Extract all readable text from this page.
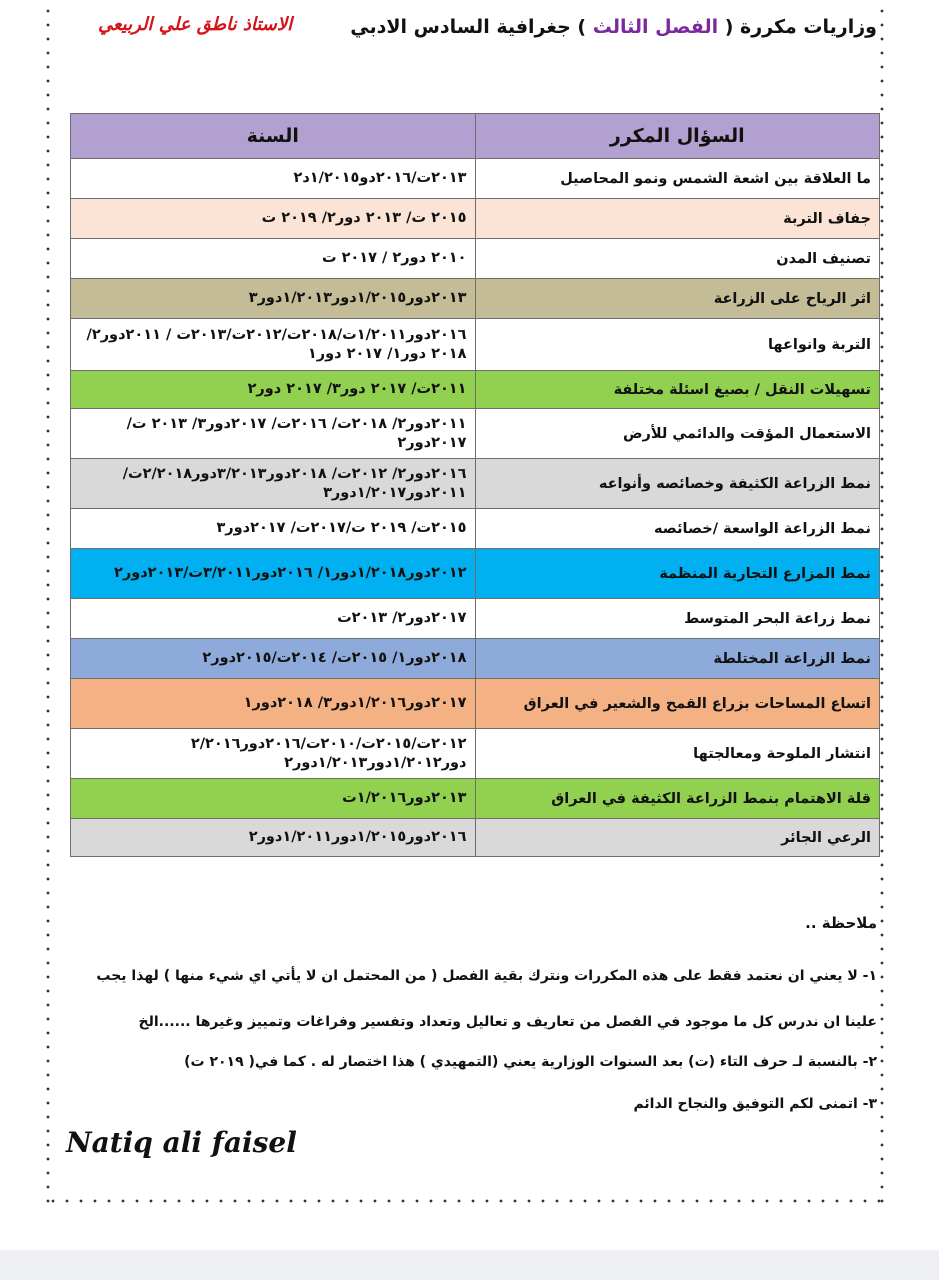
وزاريات مكررة ( الفصل الثالث ) جغرافية السادس الادبي
الاستاذ ناطق علي الربيعي
السؤال المكرر	السنة
ما العلاقة بين اشعة الشمس ونمو المحاصيل	٢٠١٣ت/٢٠١٦دو١/٢٠١٥د٢
جفاف التربة	٢٠١٥ ت/ ٢٠١٣ دور٢/ ٢٠١٩ ت
تصنيف المدن	٢٠١٠ دور٢ / ٢٠١٧ ت
اثر الرياح على الزراعة	٢٠١٣دور١/٢٠١٥دور١/٢٠١٣دور٣
التربة وانواعها	٢٠١٦دور١/٢٠١١ت/٢٠١٨ت/٢٠١٢ت/٢٠١٣ت / ٢٠١١دور٢/ ٢٠١٨ دور١/ ٢٠١٧ دور١
تسهيلات النقل / بصيغ اسئلة مختلفة	٢٠١١ت/ ٢٠١٧ دور٣/ ٢٠١٧ دور٢
الاستعمال المؤقت والدائمي للأرض	٢٠١١دور٢/ ٢٠١٨ت/ ٢٠١٦ت/ ٢٠١٧دور٣/ ٢٠١٣ ت/ ٢٠١٧دور٢
نمط الزراعة الكثيفة وخصائصه وأنواعه	٢٠١٦دور٢/ ٢٠١٢ت/ ٢٠١٨دور٣/٢٠١٣دور٢/٢٠١٨ت/٢٠١١دور١/٢٠١٧دور٣
نمط الزراعة الواسعة /خصائصه	٢٠١٥ت/ ٢٠١٩ ت/٢٠١٧ت/ ٢٠١٧دور٣
نمط المزارع التجارية المنظمة	٢٠١٢دور١/٢٠١٨دور١/ ٢٠١٦دور٣/٢٠١١ت/٢٠١٣دور٢
نمط زراعة البحر المتوسط	٢٠١٧دور٢/ ٢٠١٣ت
نمط الزراعة المختلطة	٢٠١٨دور١/ ٢٠١٥ت/ ٢٠١٤ت/٢٠١٥دور٢
اتساع المساحات بزراع القمح والشعير في العراق	٢٠١٧دور١/٢٠١٦دور٣/ ٢٠١٨دور١
انتشار الملوحة ومعالجتها	٢٠١٢ت/٢٠١٥ت/٢٠١٠ت/٢٠١٦دور٢/٢٠١٦ دور١/٢٠١٢دور١/٢٠١٣دور٢
قلة الاهتمام بنمط الزراعة الكثيفة في العراق	٢٠١٣دور١/٢٠١٦ت
الرعي الجائر	٢٠١٦دور١/٢٠١٥دور١/٢٠١١دور٢
ملاحظة ..
١- لا يعني ان نعتمد فقط على هذه المكررات ونترك بقية الفصل ( من المحتمل ان لا يأتي اي شيء منها ) لهذا يجب
علينا ان ندرس كل ما موجود في الفصل من تعاريف و تعاليل وتعداد وتفسير وفراغات وتمييز وغيرها ......الخ
٢- بالنسبة لـ حرف التاء (ت) بعد السنوات الوزارية يعني (التمهيدي ) هذا اختصار له . كما في( ٢٠١٩ ت)
٣- اتمنى لكم التوفيق والنجاح الدائم
Natiq ali faisel
